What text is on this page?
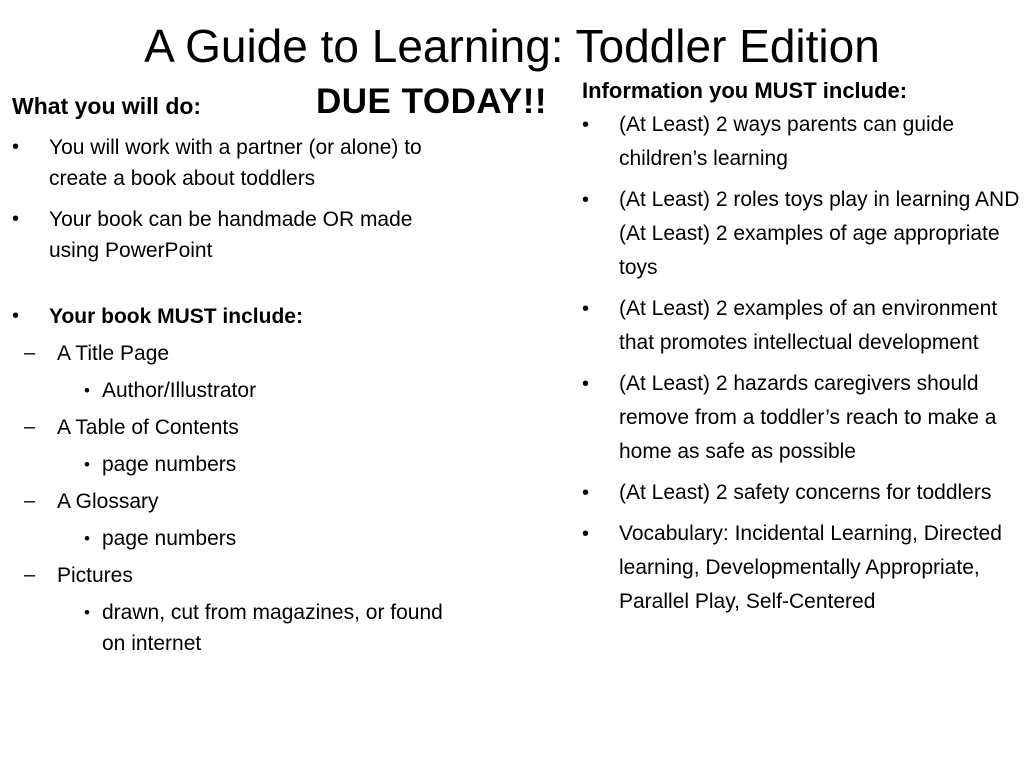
A Guide to Learning: Toddler Edition
DUE TODAY!!
What you will do:
• You will work with a partner (or alone) to create a book about toddlers
• Your book can be handmade OR made using PowerPoint
• Your book MUST include:
– A Title Page
• Author/Illustrator
– A Table of Contents
• page numbers
– A Glossary
• page numbers
– Pictures
• drawn, cut from magazines, or found on internet
Information you MUST include:
• (At Least) 2 ways parents can guide children’s learning
• (At Least) 2 roles toys play in learning AND (At Least) 2 examples of age appropriate toys
• (At Least) 2 examples of an environment that promotes intellectual development
• (At Least) 2 hazards caregivers should remove from a toddler’s reach to make a home as safe as possible
• (At Least) 2 safety concerns for toddlers
• Vocabulary: Incidental Learning, Directed learning, Developmentally Appropriate, Parallel Play, Self-Centered
